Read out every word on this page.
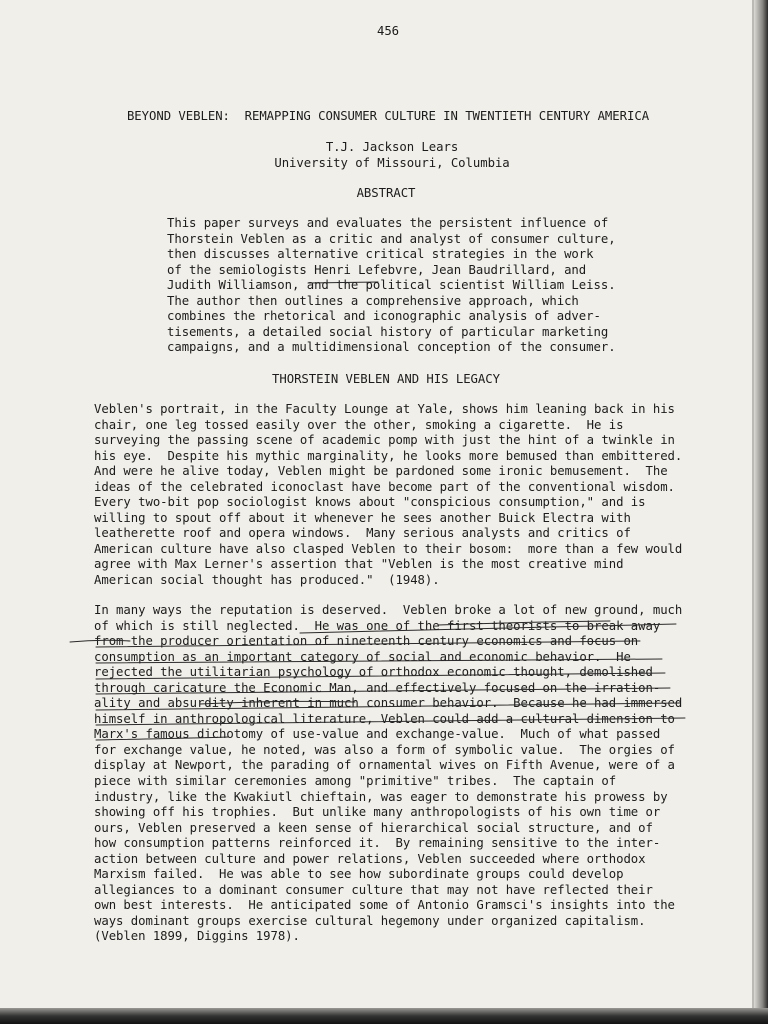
456
BEYOND VEBLEN:  REMAPPING CONSUMER CULTURE IN TWENTIETH CENTURY AMERICA
T.J. Jackson Lears
University of Missouri, Columbia
ABSTRACT
This paper surveys and evaluates the persistent influence of
Thorstein Veblen as a critic and analyst of consumer culture,
then discusses alternative critical strategies in the work
of the semiologists Henri Lefebvre, Jean Baudrillard, and
Judith Williamson, and the political scientist William Leiss.
The author then outlines a comprehensive approach, which
combines the rhetorical and iconographic analysis of adver-
tisements, a detailed social history of particular marketing
campaigns, and a multidimensional conception of the consumer.
THORSTEIN VEBLEN AND HIS LEGACY
Veblen's portrait, in the Faculty Lounge at Yale, shows him leaning back in his
chair, one leg tossed easily over the other, smoking a cigarette.  He is
surveying the passing scene of academic pomp with just the hint of a twinkle in
his eye.  Despite his mythic marginality, he looks more bemused than embittered.
And were he alive today, Veblen might be pardoned some ironic bemusement.  The
ideas of the celebrated iconoclast have become part of the conventional wisdom.
Every two-bit pop sociologist knows about "conspicious consumption," and is
willing to spout off about it whenever he sees another Buick Electra with
leatherette roof and opera windows.  Many serious analysts and critics of
American culture have also clasped Veblen to their bosom:  more than a few would
agree with Max Lerner's assertion that "Veblen is the most creative mind
American social thought has produced."  (1948).
In many ways the reputation is deserved.  Veblen broke a lot of new ground, much
of which is still neglected.  He was one of the first theorists to break away
from the producer orientation of nineteenth century economics and focus on
consumption as an important category of social and economic behavior.  He
rejected the utilitarian psychology of orthodox economic thought, demolished
through caricature the Economic Man, and effectively focused on the irration-
ality and absurdity inherent in much consumer behavior.  Because he had immersed
himself in anthropological literature, Veblen could add a cultural dimension to
Marx's famous dichotomy of use-value and exchange-value.  Much of what passed
for exchange value, he noted, was also a form of symbolic value.  The orgies of
display at Newport, the parading of ornamental wives on Fifth Avenue, were of a
piece with similar ceremonies among "primitive" tribes.  The captain of
industry, like the Kwakiutl chieftain, was eager to demonstrate his prowess by
showing off his trophies.  But unlike many anthropologists of his own time or
ours, Veblen preserved a keen sense of hierarchical social structure, and of
how consumption patterns reinforced it.  By remaining sensitive to the inter-
action between culture and power relations, Veblen succeeded where orthodox
Marxism failed.  He was able to see how subordinate groups could develop
allegiances to a dominant consumer culture that may not have reflected their
own best interests.  He anticipated some of Antonio Gramsci's insights into the
ways dominant groups exercise cultural hegemony under organized capitalism.
(Veblen 1899, Diggins 1978).
